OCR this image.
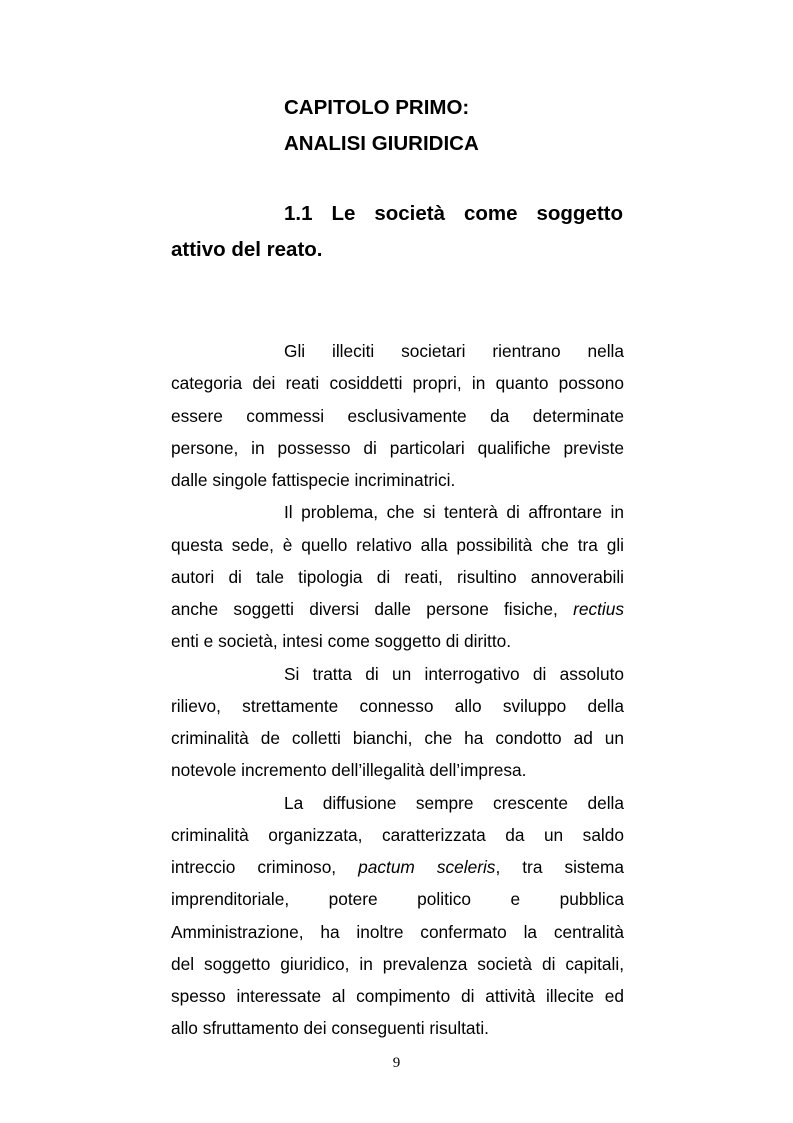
CAPITOLO PRIMO:
ANALISI GIURIDICA
1.1 Le società come soggetto
attivo del reato.
Gli illeciti societari rientrano nella
categoria dei reati cosiddetti propri, in quanto possono
essere commessi esclusivamente da determinate
persone, in possesso di particolari qualifiche previste
dalle singole fattispecie incriminatrici.
Il problema, che si tenterà di affrontare in
questa sede, è quello relativo alla possibilità che tra gli
autori di tale tipologia di reati, risultino annoverabili
anche soggetti diversi dalle persone fisiche, rectius
enti e società, intesi come soggetto di diritto.
Si tratta di un interrogativo di assoluto
rilievo, strettamente connesso allo sviluppo della
criminalità de colletti bianchi, che ha condotto ad un
notevole incremento dell’illegalità dell’impresa.
La diffusione sempre crescente della
criminalità organizzata, caratterizzata da un saldo
intreccio criminoso, pactum sceleris, tra sistema
imprenditoriale, potere politico e pubblica
Amministrazione, ha inoltre confermato la centralità
del soggetto giuridico, in prevalenza società di capitali,
spesso interessate al compimento di attività illecite ed
allo sfruttamento dei conseguenti risultati.
9
